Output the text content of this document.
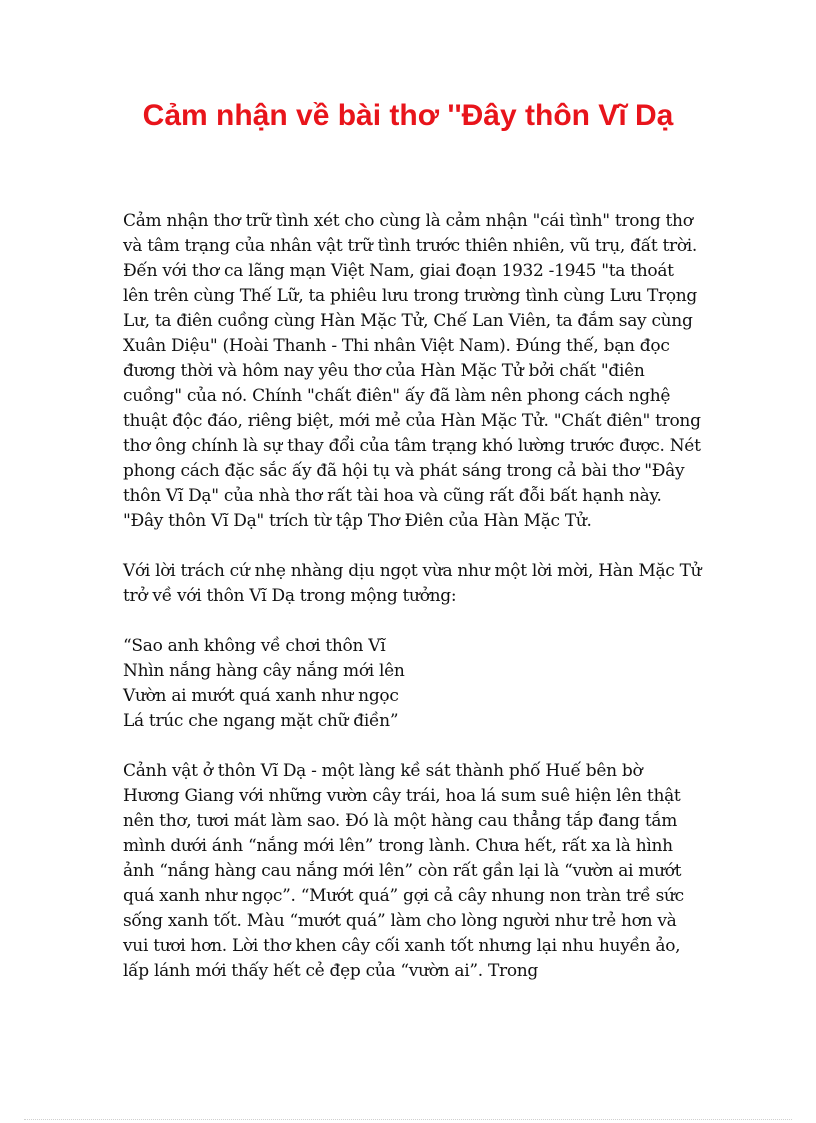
Cảm nhận về bài thơ ''Đây thôn Vĩ Dạ

Cảm nhận thơ trữ tình xét cho cùng là cảm nhận "cái tình" trong thơ và tâm trạng của nhân vật trữ tình trước thiên nhiên, vũ trụ, đất trời. Đến với thơ ca lãng mạn Việt Nam, giai đoạn 1932 -1945 "ta thoát lên trên cùng Thế Lữ, ta phiêu lưu trong trường tình cùng Lưu Trọng Lư, ta điên cuồng cùng Hàn Mặc Tử, Chế Lan Viên, ta đắm say cùng Xuân Diệu" (Hoài Thanh - Thi nhân Việt Nam). Đúng thế, bạn đọc đương thời và hôm nay yêu thơ của Hàn Mặc Tử bởi chất "điên cuồng" của nó. Chính "chất điên" ấy đã làm nên phong cách nghệ thuật độc đáo, riêng biệt, mới mẻ của Hàn Mặc Tử. "Chất điên" trong thơ ông chính là sự thay đổi của tâm trạng khó lường trước được. Nét phong cách đặc sắc ấy đã hội tụ và phát sáng trong cả bài thơ "Đây thôn Vĩ Dạ" của nhà thơ rất tài hoa và cũng rất đỗi bất hạnh này. "Đây thôn Vĩ Dạ" trích từ tập Thơ Điên của Hàn Mặc Tử.

Với lời trách cứ nhẹ nhàng dịu ngọt vừa như một lời mời, Hàn Mặc Tử trở về với thôn Vĩ Dạ trong mộng tưởng:

“Sao anh không về chơi thôn Vĩ
Nhìn nắng hàng cây nắng mới lên
Vườn ai mướt quá xanh như ngọc
Lá trúc che ngang mặt chữ điền”

Cảnh vật ở thôn Vĩ Dạ - một làng kề sát thành phố Huế bên bờ Hương Giang với những vườn cây trái, hoa lá sum suê hiện lên thật nên thơ, tươi mát làm sao. Đó là một hàng cau thẳng tắp đang tắm mình dưới ánh “nắng mới lên” trong lành. Chưa hết, rất xa là hình ảnh “nắng hàng cau nắng mới lên” còn rất gần lại là “vườn ai mướt quá xanh như ngọc”. “Mướt quá” gợi cả cây nhung non tràn trề sức sống xanh tốt. Màu “mướt quá” làm cho lòng người như trẻ hơn và vui tươi hơn. Lời thơ khen cây cối xanh tốt nhưng lại nhu huyền ảo, lấp lánh mới thấy hết cẻ đẹp của “vườn ai”. Trong
